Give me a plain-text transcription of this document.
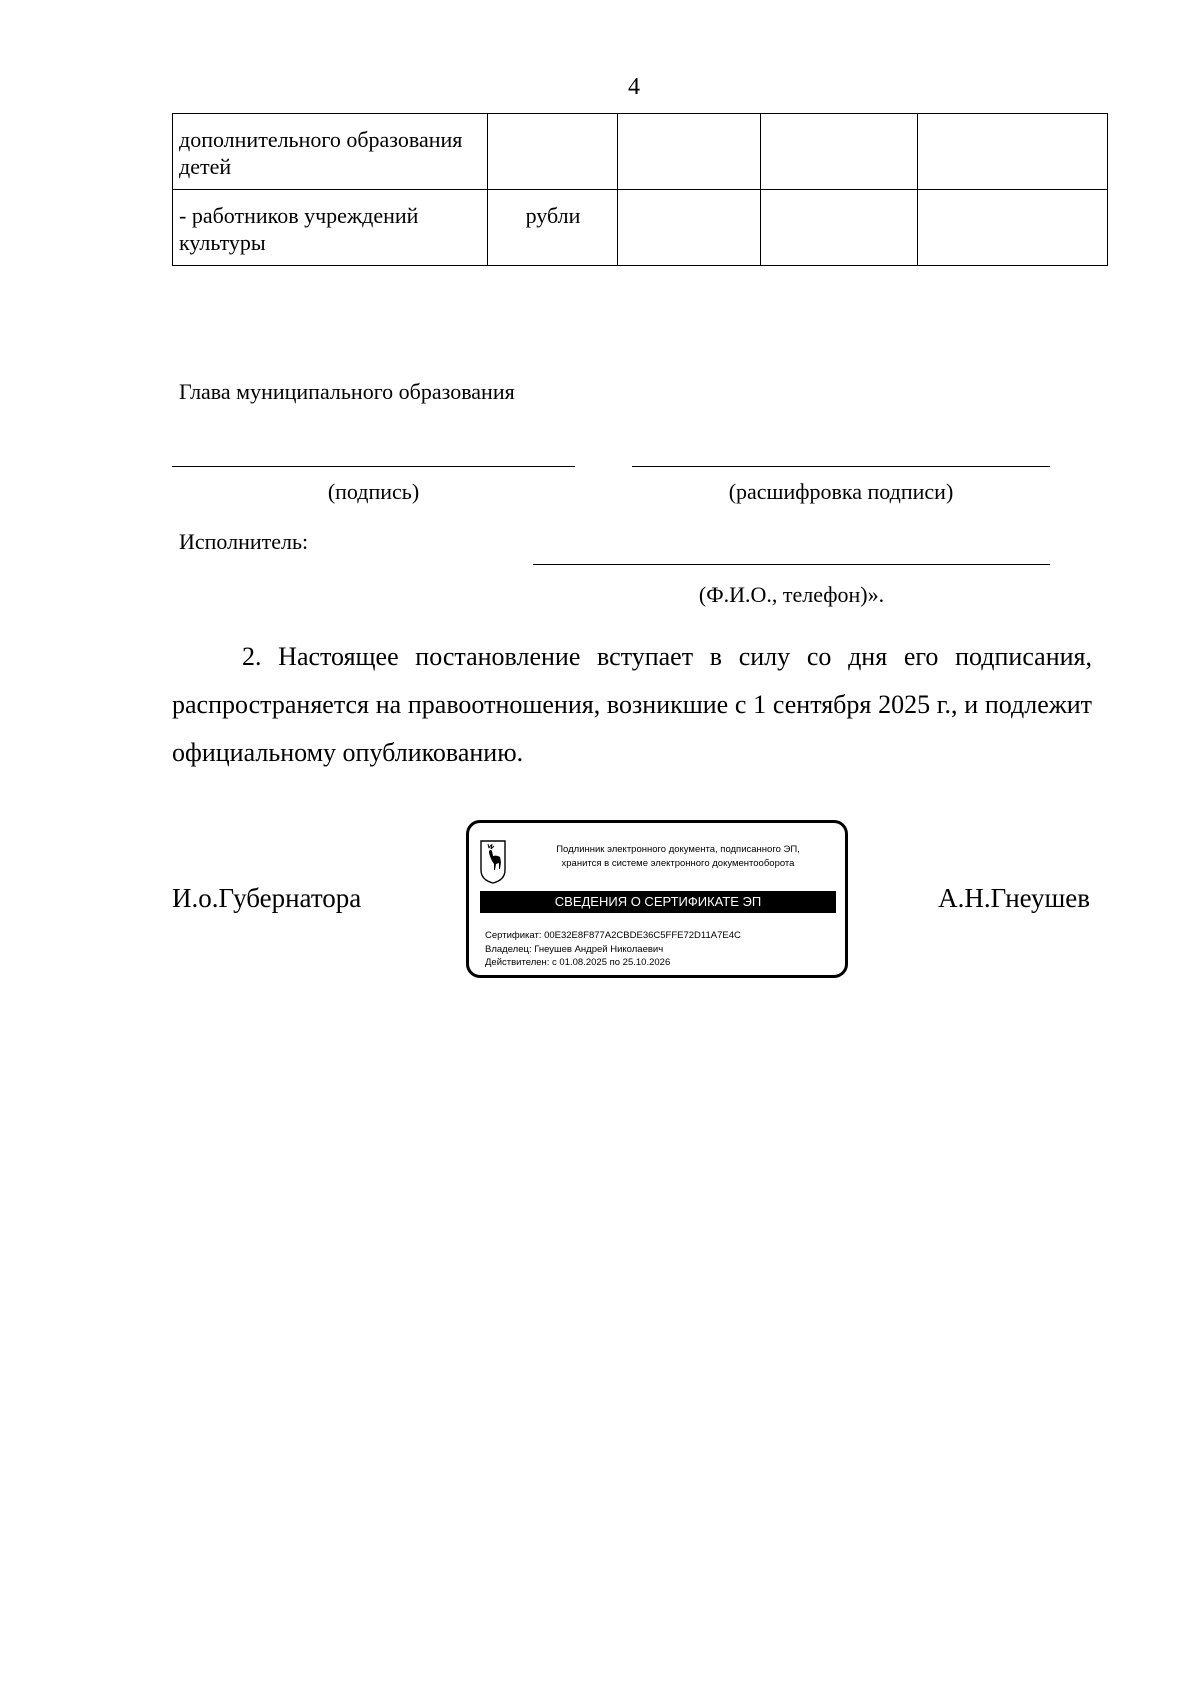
4
дополнительного образования детей				
- работников учреждений культуры	рубли			
Глава муниципального образования
(подпись)	(расшифровка подписи)
Исполнитель:
(Ф.И.О., телефон)».
2. Настоящее постановление вступает в силу со дня его подписания, распространяется на правоотношения, возникшие с 1 сентября 2025 г., и подлежит официальному опубликованию.
И.о.Губернатора	А.Н.Гнеушев
Подлинник электронного документа, подписанного ЭП,
хранится в системе электронного документооборота
СВЕДЕНИЯ О СЕРТИФИКАТЕ ЭП
Сертификат: 00E32E8F877A2CBDE36C5FFE72D11A7E4C
Владелец: Гнеушев Андрей Николаевич
Действителен: с 01.08.2025 по 25.10.2026
